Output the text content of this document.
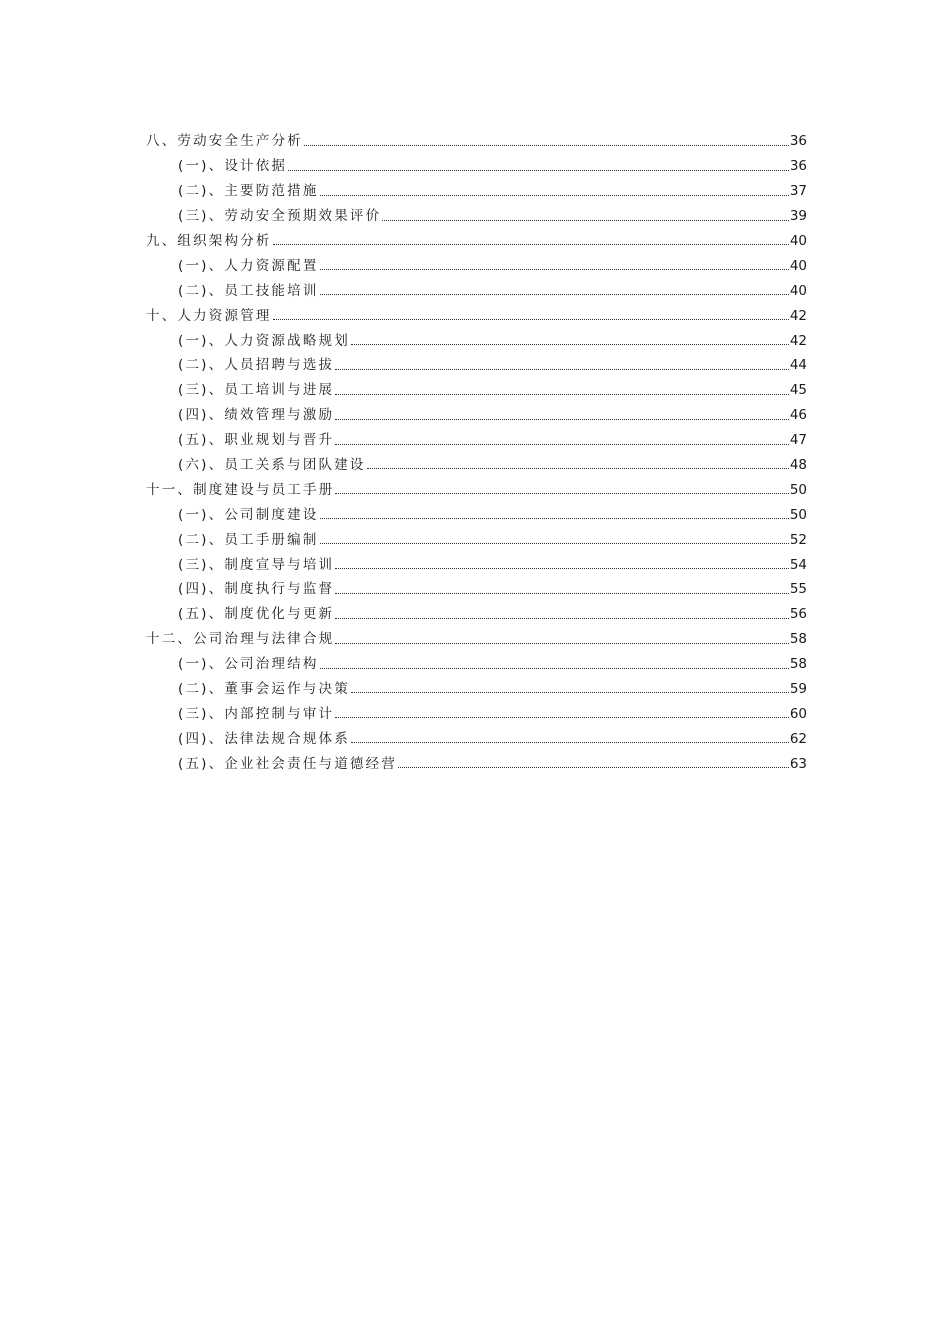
八、劳动安全生产分析	36
(一)、设计依据	36
(二)、主要防范措施	37
(三)、劳动安全预期效果评价	39
九、组织架构分析	40
(一)、人力资源配置	40
(二)、员工技能培训	40
十、人力资源管理	42
(一)、人力资源战略规划	42
(二)、人员招聘与选拔	44
(三)、员工培训与进展	45
(四)、绩效管理与激励	46
(五)、职业规划与晋升	47
(六)、员工关系与团队建设	48
十一、制度建设与员工手册	50
(一)、公司制度建设	50
(二)、员工手册编制	52
(三)、制度宣导与培训	54
(四)、制度执行与监督	55
(五)、制度优化与更新	56
十二、公司治理与法律合规	58
(一)、公司治理结构	58
(二)、董事会运作与决策	59
(三)、内部控制与审计	60
(四)、法律法规合规体系	62
(五)、企业社会责任与道德经营	63
